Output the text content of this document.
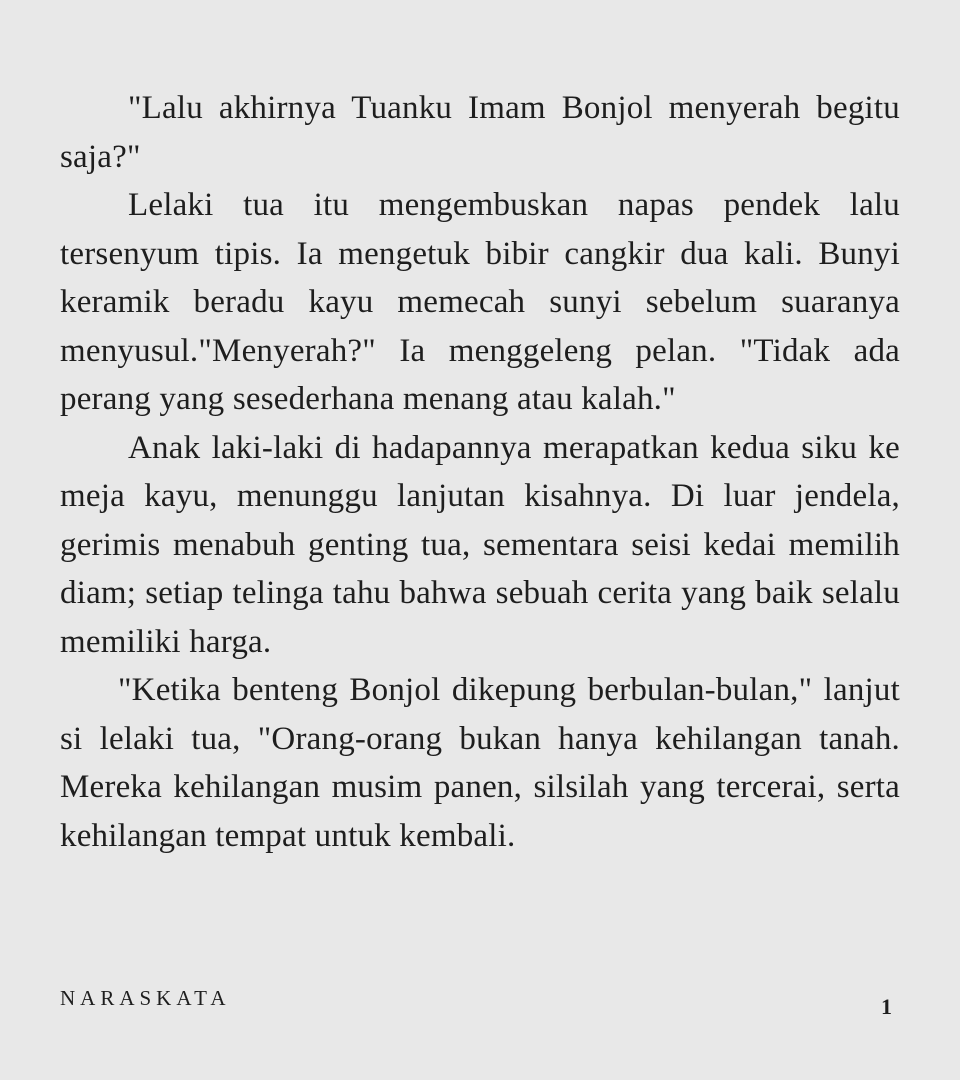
"Lalu akhirnya Tuanku Imam Bonjol menyerah begitu saja?"

Lelaki tua itu mengembuskan napas pendek lalu tersenyum tipis. Ia mengetuk bibir cangkir dua kali. Bunyi keramik beradu kayu memecah sunyi sebelum suaranya menyusul."Menyerah?" Ia menggeleng pelan. "Tidak ada perang yang sesederhana menang atau kalah."

Anak laki-laki di hadapannya merapatkan kedua siku ke meja kayu, menunggu lanjutan kisahnya. Di luar jendela, gerimis menabuh genting tua, sementara seisi kedai memilih diam; setiap telinga tahu bahwa sebuah cerita yang baik selalu memiliki harga.

"Ketika benteng Bonjol dikepung berbulan-bulan," lanjut si lelaki tua, "Orang-orang bukan hanya kehilangan tanah. Mereka kehilangan musim panen, silsilah yang tercerai, serta kehilangan tempat untuk kembali.

NARASKATA	1
